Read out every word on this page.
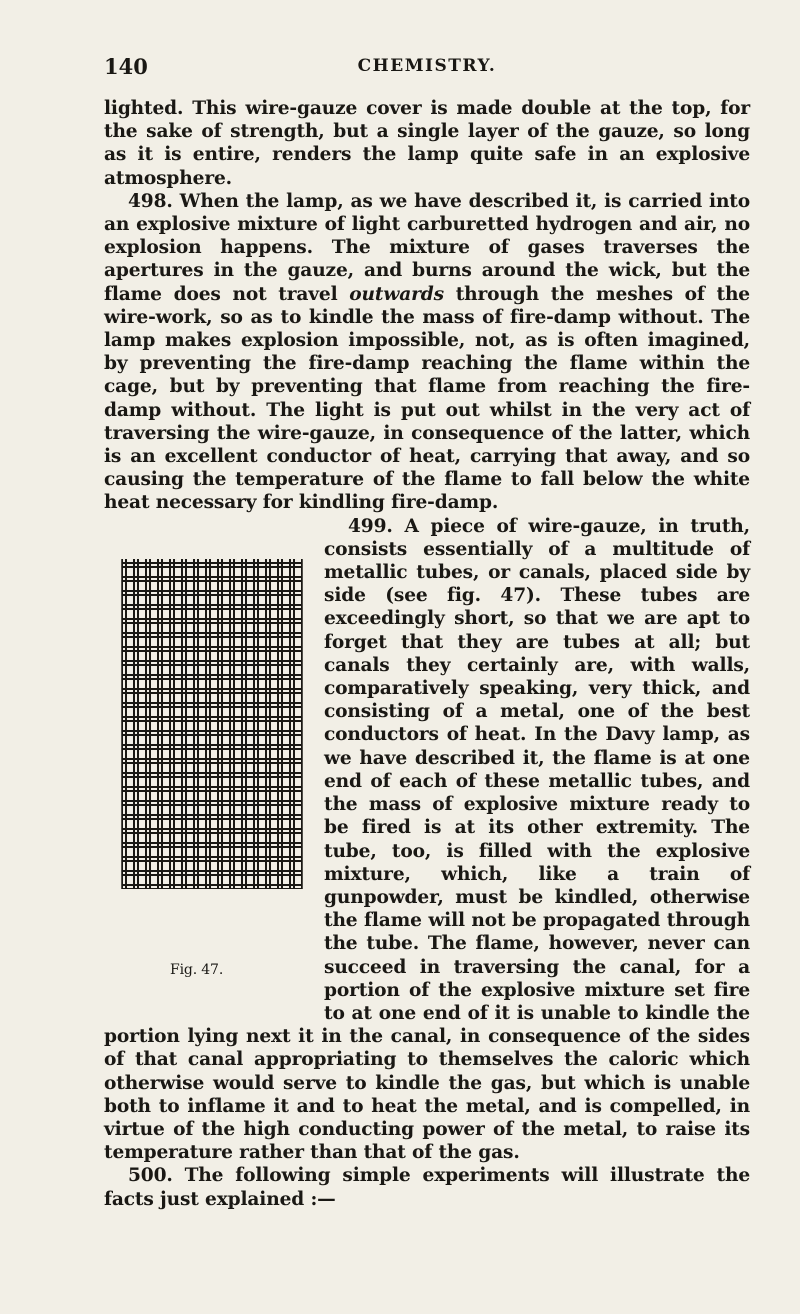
140	CHEMISTRY.

lighted. This wire-gauze cover is made double at the top, for the sake of strength, but a single layer of the gauze, so long as it is entire, renders the lamp quite safe in an explosive atmosphere.

498. When the lamp, as we have described it, is carried into an explosive mixture of light carburetted hydrogen and air, no explosion happens. The mixture of gases traverses the apertures in the gauze, and burns around the wick, but the flame does not travel outwards through the meshes of the wire-work, so as to kindle the mass of fire-damp without. The lamp makes explosion impossible, not, as is often imagined, by preventing the fire-damp reaching the flame within the cage, but by preventing that flame from reaching the fire-damp without. The light is put out whilst in the very act of traversing the wire-gauze, in consequence of the latter, which is an excellent conductor of heat, carrying that away, and so causing the temperature of the flame to fall below the white heat necessary for kindling fire-damp.

Fig. 47.
499. A piece of wire-gauze, in truth, consists essentially of a multitude of metallic tubes, or canals, placed side by side (see fig. 47). These tubes are exceedingly short, so that we are apt to forget that they are tubes at all; but canals they certainly are, with walls, comparatively speaking, very thick, and consisting of a metal, one of the best conductors of heat. In the Davy lamp, as we have described it, the flame is at one end of each of these metallic tubes, and the mass of explosive mixture ready to be fired is at its other extremity. The tube, too, is filled with the explosive mixture, which, like a train of gunpowder, must be kindled, otherwise the flame will not be propagated through the tube. The flame, however, never can succeed in traversing the canal, for a portion of the explosive mixture set fire to at one end of it is unable to kindle the portion lying next it in the canal, in consequence of the sides of that canal appropriating to themselves the caloric which otherwise would serve to kindle the gas, but which is unable both to inflame it and to heat the metal, and is compelled, in virtue of the high conducting power of the metal, to raise its temperature rather than that of the gas.

500. The following simple experiments will illustrate the facts just explained :—
